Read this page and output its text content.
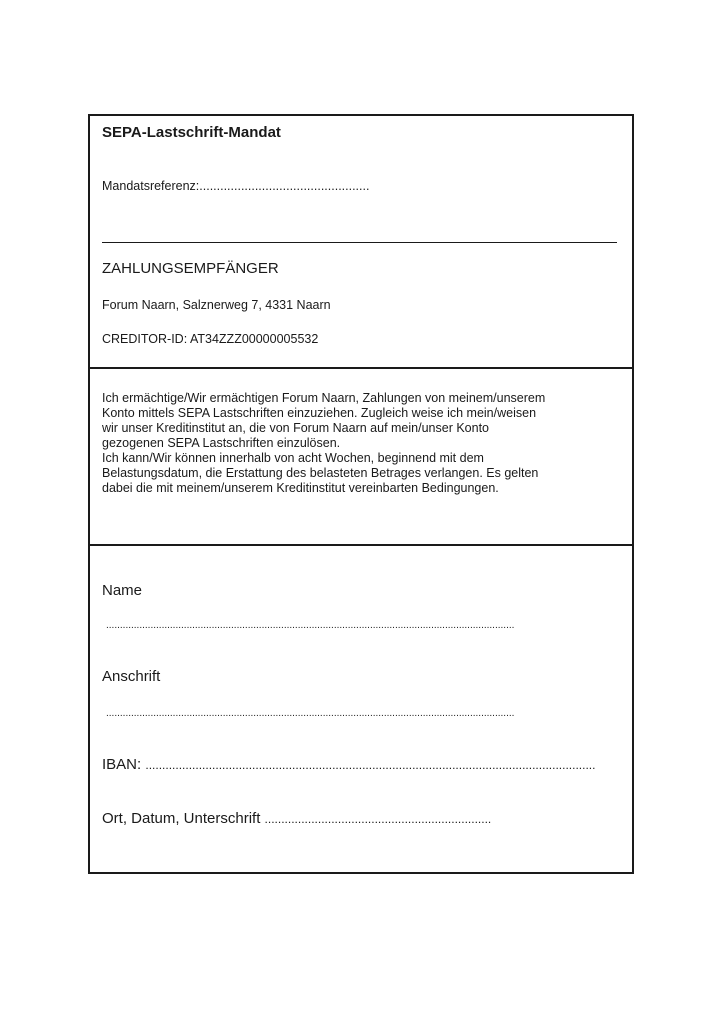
SEPA-Lastschrift-Mandat
Mandatsreferenz:.................................................
ZAHLUNGSEMPFÄNGER
Forum Naarn, Salznerweg 7, 4331 Naarn
CREDITOR-ID: AT34ZZZ00000005532

Ich ermächtige/Wir ermächtigen Forum Naarn, Zahlungen von meinem/unserem

Konto mittels SEPA Lastschriften einzuziehen. Zugleich weise ich mein/weisen

wir unser Kreditinstitut an, die von Forum Naarn auf mein/unser Konto

gezogenen SEPA Lastschriften einzulösen.

Ich kann/Wir können innerhalb von acht Wochen, beginnend mit dem

Belastungsdatum, die Erstattung des belasteten Betrages verlangen. Es gelten

dabei die mit meinem/unserem Kreditinstitut vereinbarten Bedingungen.

Name
...................................................................................................................................................
Anschrift
...................................................................................................................................................
IBAN: .......................................................................................................................................
Ort, Datum, Unterschrift ....................................................................
